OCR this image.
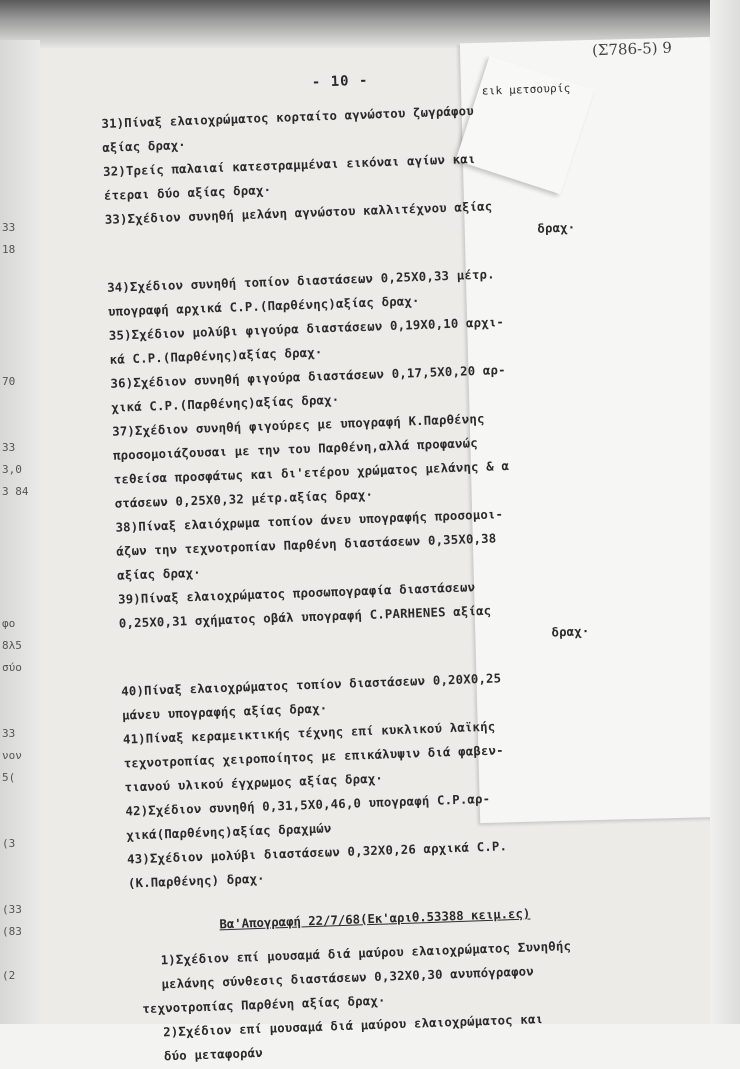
33
18
70
33
3,0
3 84
φο
8λ5
σύο
33
νον
5(
(3
(33
(83
(2
(Σ786-5) 9
- 10 -	ειk μετσουρίς
31)Πίναξ ελαιοχρώματος κορταίτο αγνώστου ζωγράφου
αξίας δραχ·
32)Τρείς παλαιαί κατεστραμμέναι εικόναι αγίων και
έτεραι δύο αξίας δραχ·
33)Σχέδιον συνηθή μελάνη αγνώστου καλλιτέχνου αξίας
δραχ·
34)Σχέδιον συνηθή τοπίον διαστάσεων 0,25X0,33 μέτρ.
υπογραφή αρχικά C.P.(Παρθένης)αξίας δραχ·
35)Σχέδιον μολύβι φιγούρα διαστάσεων 0,19X0,10 αρχι-
κά C.P.(Παρθένης)αξίας δραχ·
36)Σχέδιον συνηθή φιγούρα διαστάσεων 0,17,5X0,20 αρ-
χικά C.P.(Παρθένης)αξίας δραχ·
37)Σχέδιον συνηθή φιγούρες με υπογραφή Κ.Παρθένης
προσομοιάζουσαι με την του Παρθένη,αλλά προφανώς
τεθείσα προσφάτως και δι'ετέρου χρώματος μελάνης & α
στάσεων 0,25X0,32 μέτρ.αξίας δραχ·
38)Πίναξ ελαιόχρωμα τοπίον άνευ υπογραφής προσομοι-
άζων την τεχνοτροπίαν Παρθένη διαστάσεων 0,35X0,38
αξίας δραχ·
39)Πίναξ ελαιοχρώματος προσωπογραφία διαστάσεων
0,25X0,31 σχήματος οβάλ υπογραφή C.PARHENES αξίας
δραχ·
40)Πίναξ ελαιοχρώματος τοπίον διαστάσεων 0,20X0,25
μάνευ υπογραφής αξίας δραχ·
41)Πίναξ κεραμεικτικής τέχνης επί κυκλικού λαϊκής
τεχνοτροπίας χειροποίητος με επικάλυψιν διά φαβεν-
τιανού υλικού έγχρωμος αξίας δραχ·
42)Σχέδιον συνηθή 0,31,5X0,46,0 υπογραφή C.P.αρ-
χικά(Παρθένης)αξίας δραχμών
43)Σχέδιον μολύβι διαστάσεων 0,32X0,26 αρχικά C.P.
(Κ.Παρθένης) δραχ·
Βα'Απογραφή 22/7/68(Εκ'αριθ.53388 κειμ.ες)
1)Σχέδιον επί μουσαμά διά μαύρου ελαιοχρώματος Συνηθής
μελάνης σύνθεσις διαστάσεων 0,32X0,30 ανυπόγραφον
τεχνοτροπίας Παρθένη αξίας δραχ·
2)Σχέδιον επί μουσαμά διά μαύρου ελαιοχρώματος και
δύο μεταφοράν
